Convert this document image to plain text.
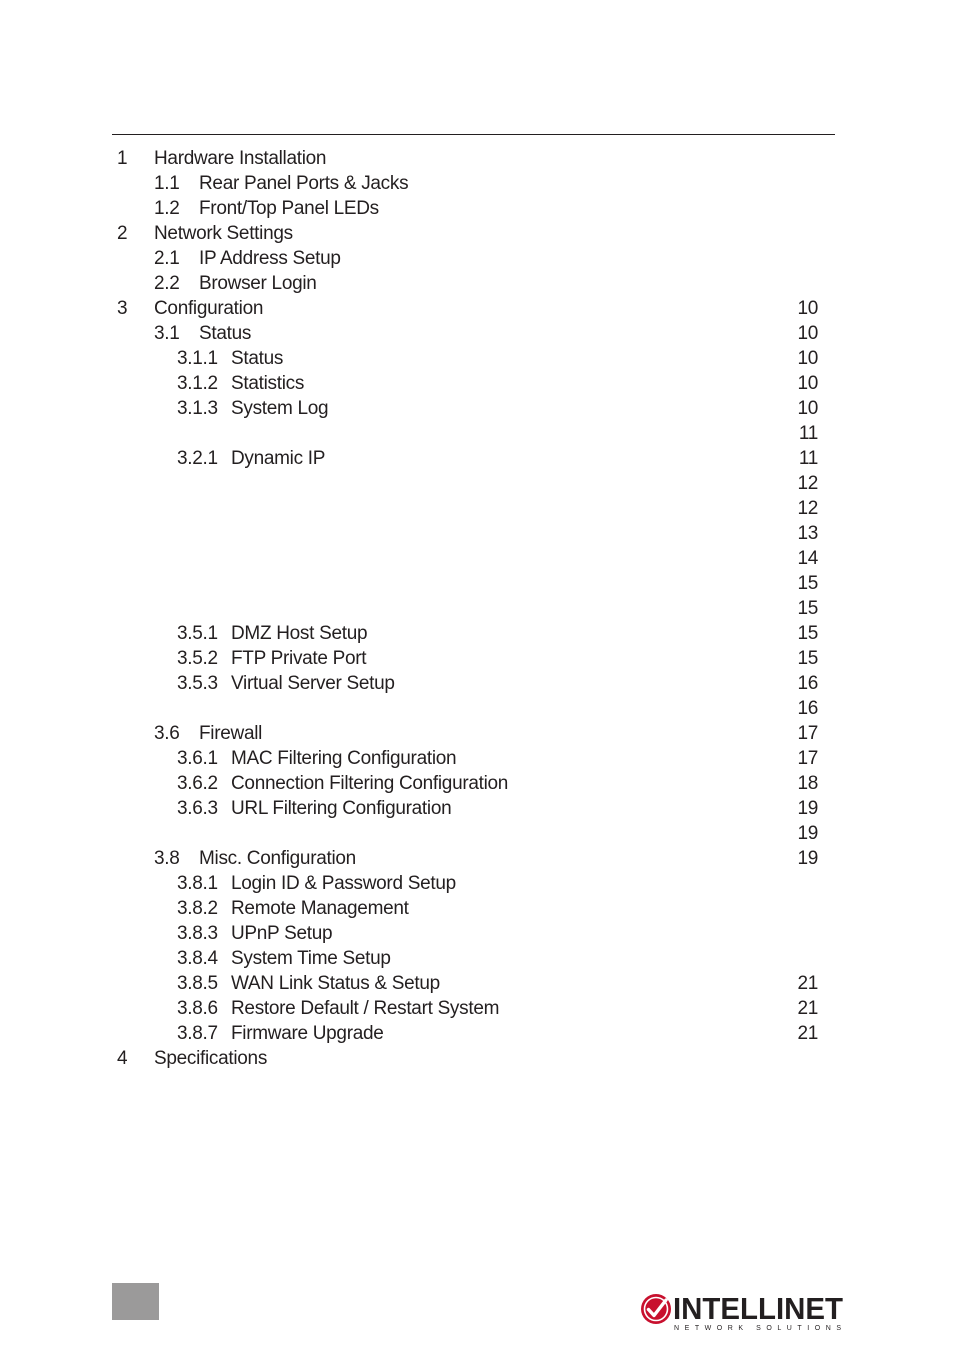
1 Hardware Installation
1.1 Rear Panel Ports & Jacks
1.2 Front/Top Panel LEDs
2 Network Settings
2.1 IP Address Setup
2.2 Browser Login
3 Configuration	10
3.1 Status	10
3.1.1 Status	10
3.1.2 Statistics	10
3.1.3 System Log	10
11
3.2.1 Dynamic IP	11
12
12
13
14
15
15
3.5.1 DMZ Host Setup	15
3.5.2 FTP Private Port	15
3.5.3 Virtual Server Setup	16
16
3.6 Firewall	17
3.6.1 MAC Filtering Configuration	17
3.6.2 Connection Filtering Configuration	18
3.6.3 URL Filtering Configuration	19
19
3.8 Misc. Configuration	19
3.8.1 Login ID & Password Setup
3.8.2 Remote Management
3.8.3 UPnP Setup
3.8.4 System Time Setup
3.8.5 WAN Link Status & Setup	21
3.8.6 Restore Default / Restart System	21
3.8.7 Firmware Upgrade	21
4 Specifications
INTELLINET
NETWORK SOLUTIONS
